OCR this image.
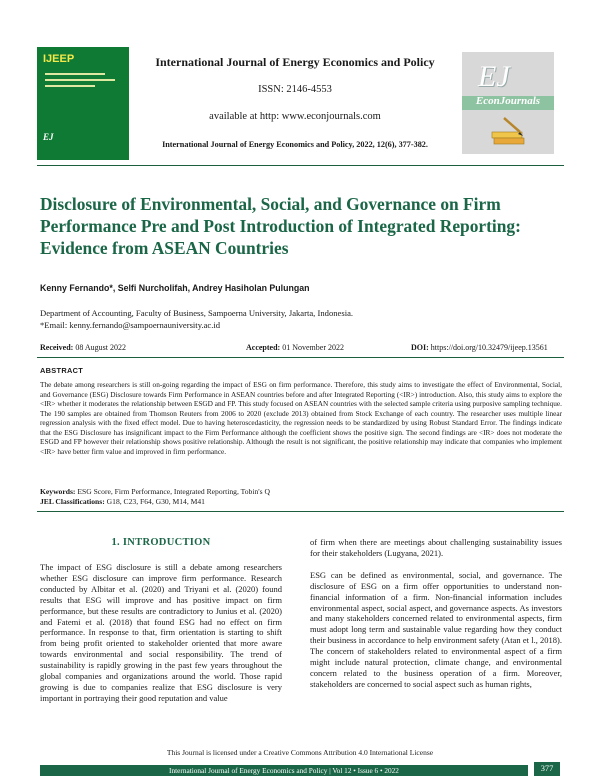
IJEEP
EJ
International Journal of Energy Economics and Policy
ISSN: 2146-4553
available at http: www.econjournals.com
International Journal of Energy Economics and Policy, 2022, 12(6), 377-382.
EJ
EconJournals
Disclosure of Environmental, Social, and Governance on Firm Performance Pre and Post Introduction of Integrated Reporting: Evidence from ASEAN Countries
Kenny Fernando*, Selfi Nurcholifah, Andrey Hasiholan Pulungan
Department of Accounting, Faculty of Business, Sampoerna University, Jakarta, Indonesia.
*Email: kenny.fernando@sampoernauniversity.ac.id
Received: 08 August 2022	Accepted: 01 November 2022	DOI: https://doi.org/10.32479/ijeep.13561
ABSTRACT
The debate among researchers is still on-going regarding the impact of ESG on firm performance. Therefore, this study aims to investigate the effect of Environmental, Social, and Governance (ESG) Disclosure towards Firm Performance in ASEAN countries before and after Integrated Reporting (<IR>) introduction. Also, this study aims to explore the <IR> whether it moderates the relationship between ESGD and FP. This study focused on ASEAN countries with the selected sample criteria using purposive sampling technique. The 190 samples are obtained from Thomson Reuters from 2006 to 2020 (exclude 2013) obtained from Stock Exchange of each country. The researcher uses multiple linear regression analysis with the fixed effect model. Due to having heteroscedasticity, the regression needs to be standardized by using Robust Standard Error. The findings indicate that the ESG Disclosure has insignificant impact to the Firm Performance although the coefficient shows the positive sign. The second findings are <IR> does not moderate the ESGD and FP however their relationship shows positive relationship. Although the result is not significant, the positive relationship may indicate that companies who implement <IR> have better firm value and improved in firm performance.
Keywords: ESG Score, Firm Performance, Integrated Reporting, Tobin's Q
JEL Classifications: G18, C23, F64, G30, M14, M41
1. INTRODUCTION

The impact of ESG disclosure is still a debate among researchers whether ESG disclosure can improve firm performance. Research conducted by Albitar et al. (2020) and Triyani et al. (2020) found results that ESG will improve and has positive impact on firm performance, but these results are contradictory to Junius et al. (2020) and Fatemi et al. (2018) that found ESG had no effect on firm performance. In response to that, firm orientation is starting to shift from being profit oriented to stakeholder oriented that more aware towards environmental and social responsibility. The trend of sustainability is rapidly growing in the past few years throughout the global companies and organizations around the world. Those rapid growing is due to companies realize that ESG disclosure is very important in portraying their good reputation and value

of firm when there are meetings about challenging sustainability issues for their stakeholders (Lugyana, 2021).

ESG can be defined as environmental, social, and governance. The disclosure of ESG on a firm offer opportunities to understand non-financial information of a firm. Non-financial information includes environmental aspect, social aspect, and governance aspects. As investors and many stakeholders concerned related to environmental aspects, firm must adopt long term and sustainable value regarding how they conduct their business in accordance to help environment safety (Atan et l., 2018). The concern of stakeholders related to environmental aspect of a firm might include natural protection, climate change, and environmental concern related to the business operation of a firm. Moreover, stakeholders are concerned to social aspect such as human rights,

This Journal is licensed under a Creative Commons Attribution 4.0 International License
International Journal of Energy Economics and Policy | Vol 12 • Issue 6 • 2022	377
